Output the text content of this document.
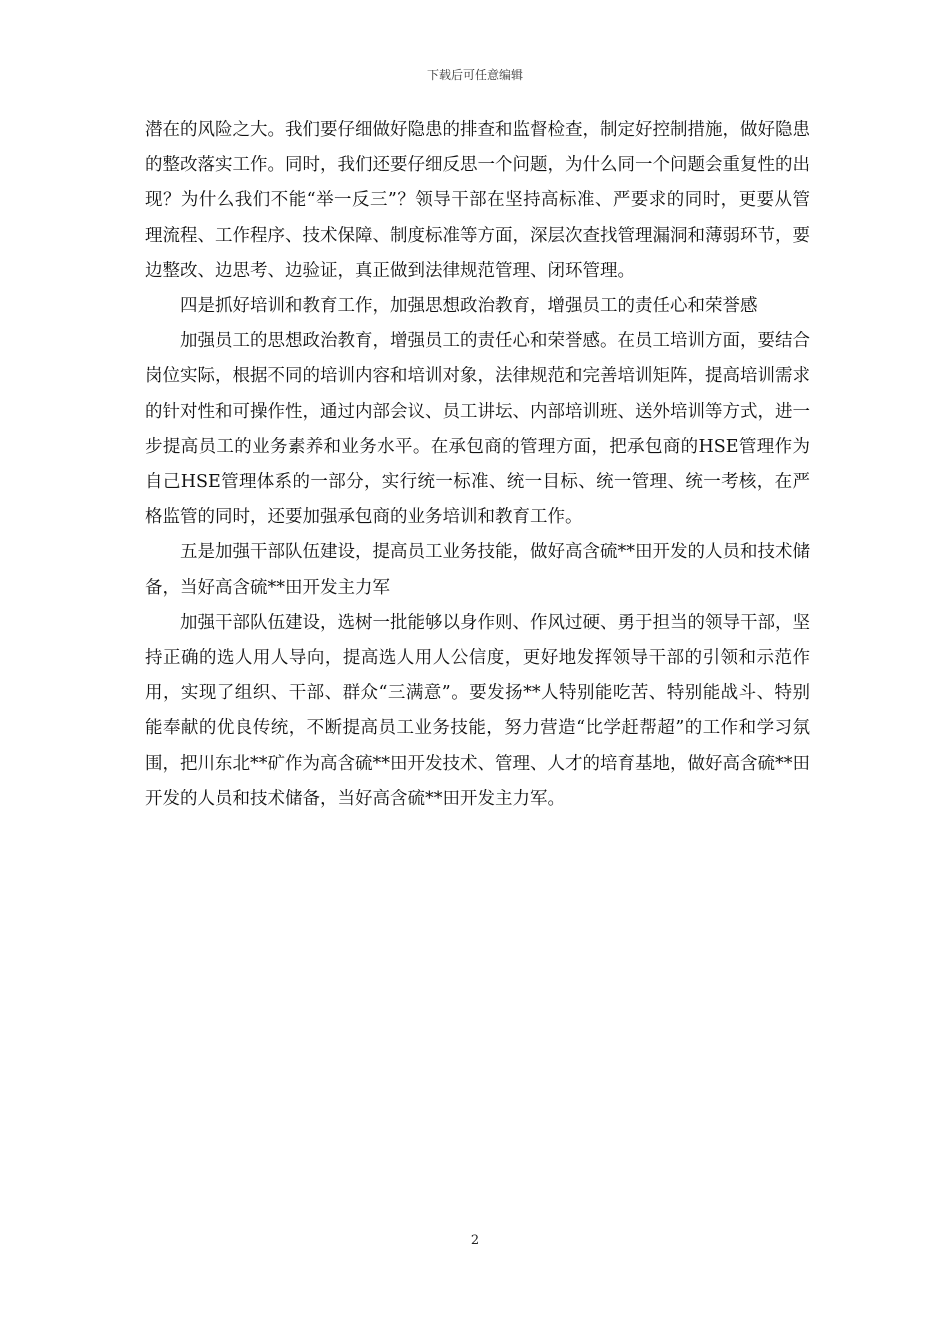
下载后可任意编辑

潜在的风险之大。我们要仔细做好隐患的排查和监督检查，制定好控制措施，做好隐患的整改落实工作。同时，我们还要仔细反思一个问题，为什么同一个问题会重复性的出现？为什么我们不能“举一反三”？领导干部在坚持高标准、严要求的同时，更要从管理流程、工作程序、技术保障、制度标准等方面，深层次查找管理漏洞和薄弱环节，要边整改、边思考、边验证，真正做到法律规范管理、闭环管理。

四是抓好培训和教育工作，加强思想政治教育，增强员工的责任心和荣誉感

加强员工的思想政治教育，增强员工的责任心和荣誉感。在员工培训方面，要结合岗位实际，根据不同的培训内容和培训对象，法律规范和完善培训矩阵，提高培训需求的针对性和可操作性，通过内部会议、员工讲坛、内部培训班、送外培训等方式，进一步提高员工的业务素养和业务水平。在承包商的管理方面，把承包商的HSE管理作为自己HSE管理体系的一部分，实行统一标准、统一目标、统一管理、统一考核，在严格监管的同时，还要加强承包商的业务培训和教育工作。

五是加强干部队伍建设，提高员工业务技能，做好高含硫**田开发的人员和技术储备，当好高含硫**田开发主力军

加强干部队伍建设，选树一批能够以身作则、作风过硬、勇于担当的领导干部，坚持正确的选人用人导向，提高选人用人公信度，更好地发挥领导干部的引领和示范作用，实现了组织、干部、群众“三满意”。要发扬**人特别能吃苦、特别能战斗、特别能奉献的优良传统，不断提高员工业务技能，努力营造“比学赶帮超”的工作和学习氛围，把川东北**矿作为高含硫**田开发技术、管理、人才的培育基地，做好高含硫**田开发的人员和技术储备，当好高含硫**田开发主力军。

2
